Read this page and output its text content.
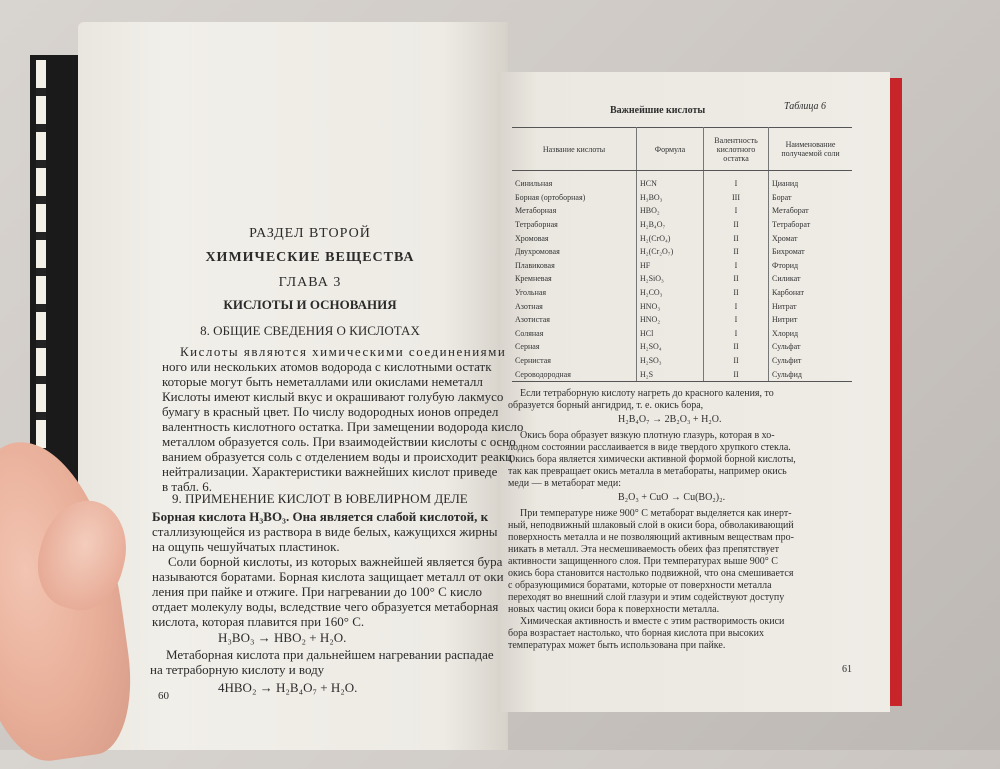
РАЗДЕЛ ВТОРОЙ
ХИМИЧЕСКИЕ ВЕЩЕСТВА
ГЛАВА 3
КИСЛОТЫ И ОСНОВАНИЯ
8. ОБЩИЕ СВЕДЕНИЯ О КИСЛОТАХ
Кислоты являются химическими соединениями
ного или нескольких атомов водорода с кислотными остатк
которые могут быть неметаллами или окислами неметалл
Кислоты имеют кислый вкус и окрашивают голубую лакмусо
бумагу в красный цвет. По числу водородных ионов определ
валентность кислотного остатка. При замещении водорода кисло
металлом образуется соль. При взаимодействии кислоты с осно
ванием образуется соль с отделением воды и происходит реакц
нейтрализации. Характеристики важнейших кислот приведе
в табл. 6.
9. ПРИМЕНЕНИЕ КИСЛОТ В ЮВЕЛИРНОМ ДЕЛЕ
Борная кислота H₃BO₃. Она является слабой кислотой, к
сталлизующейся из раствора в виде белых, кажущихся жирны
на ощупь чешуйчатых пластинок.
Соли борной кислоты, из которых важнейшей является бура
называются боратами. Борная кислота защищает металл от оки
ления при пайке и отжиге. При нагревании до 100° С кисло
отдает молекулу воды, вследствие чего образуется метаборная
кислота, которая плавится при 160° С.
H₃BO₃ → HBO₂ + H₂O.
Метаборная кислота при дальнейшем нагревании распадае
на тетраборную кислоту и воду
4HBO₂ → H₂B₄O₇ + H₂O.
60
Важнейшие кислоты	Таблица 6
Название кислоты	Формула	Валентность кислотного остатка	Наименование получаемой соли
Синильная	HCN	I	Цианид
Борная (ортоборная)	H₃BO₃	III	Борат
Метаборная	HBO₂	I	Метаборат
Тетраборная	H₂B₄O₇	II	Тетраборат
Хромовая	H₂(CrO₄)	II	Хромат
Двухромовая	H₂(Cr₂O₇)	II	Бихромат
Плавиковая	HF	I	Фторид
Кремневая	H₂SiO₃	II	Силикат
Угольная	H₂CO₃	II	Карбонат
Азотная	HNO₃	I	Нитрат
Азотистая	HNO₂	I	Нитрит
Соляная	HCl	I	Хлорид
Серная	H₂SO₄	II	Сульфат
Сернистая	H₂SO₃	II	Сульфит
Сероводородная	H₂S	II	Сульфид
Если тетраборную кислоту нагреть до красного каления, то
образуется борный ангидрид, т. е. окись бора,
H₂B₄O₇ → 2B₂O₃ + H₂O.
Окись бора образует вязкую плотную глазурь, которая в хо-
лодном состоянии расслаивается в виде твердого хрупкого стекла.
Окись бора является химически активной формой борной кислоты,
так как превращает окись металла в метабораты, например окись
меди — в метаборат меди:
B₂O₃ + CuO → Cu(BO₂)₂.
При температуре ниже 900° С метаборат выделяется как инерт-
ный, неподвижный шлаковый слой в окиси бора, обволакивающий
поверхность металла и не позволяющий активным веществам про-
никать в металл. Эта несмешиваемость обеих фаз препятствует
активности защищенного слоя. При температурах выше 900° С
окись бора становится настолько подвижной, что она смешивается
с образующимися боратами, которые от поверхности металла
переходят во внешний слой глазури и этим содействуют доступу
новых частиц окиси бора к поверхности металла.
Химическая активность и вместе с этим растворимость окиси
бора возрастает настолько, что борная кислота при высоких
температурах может быть использована при пайке.
61
